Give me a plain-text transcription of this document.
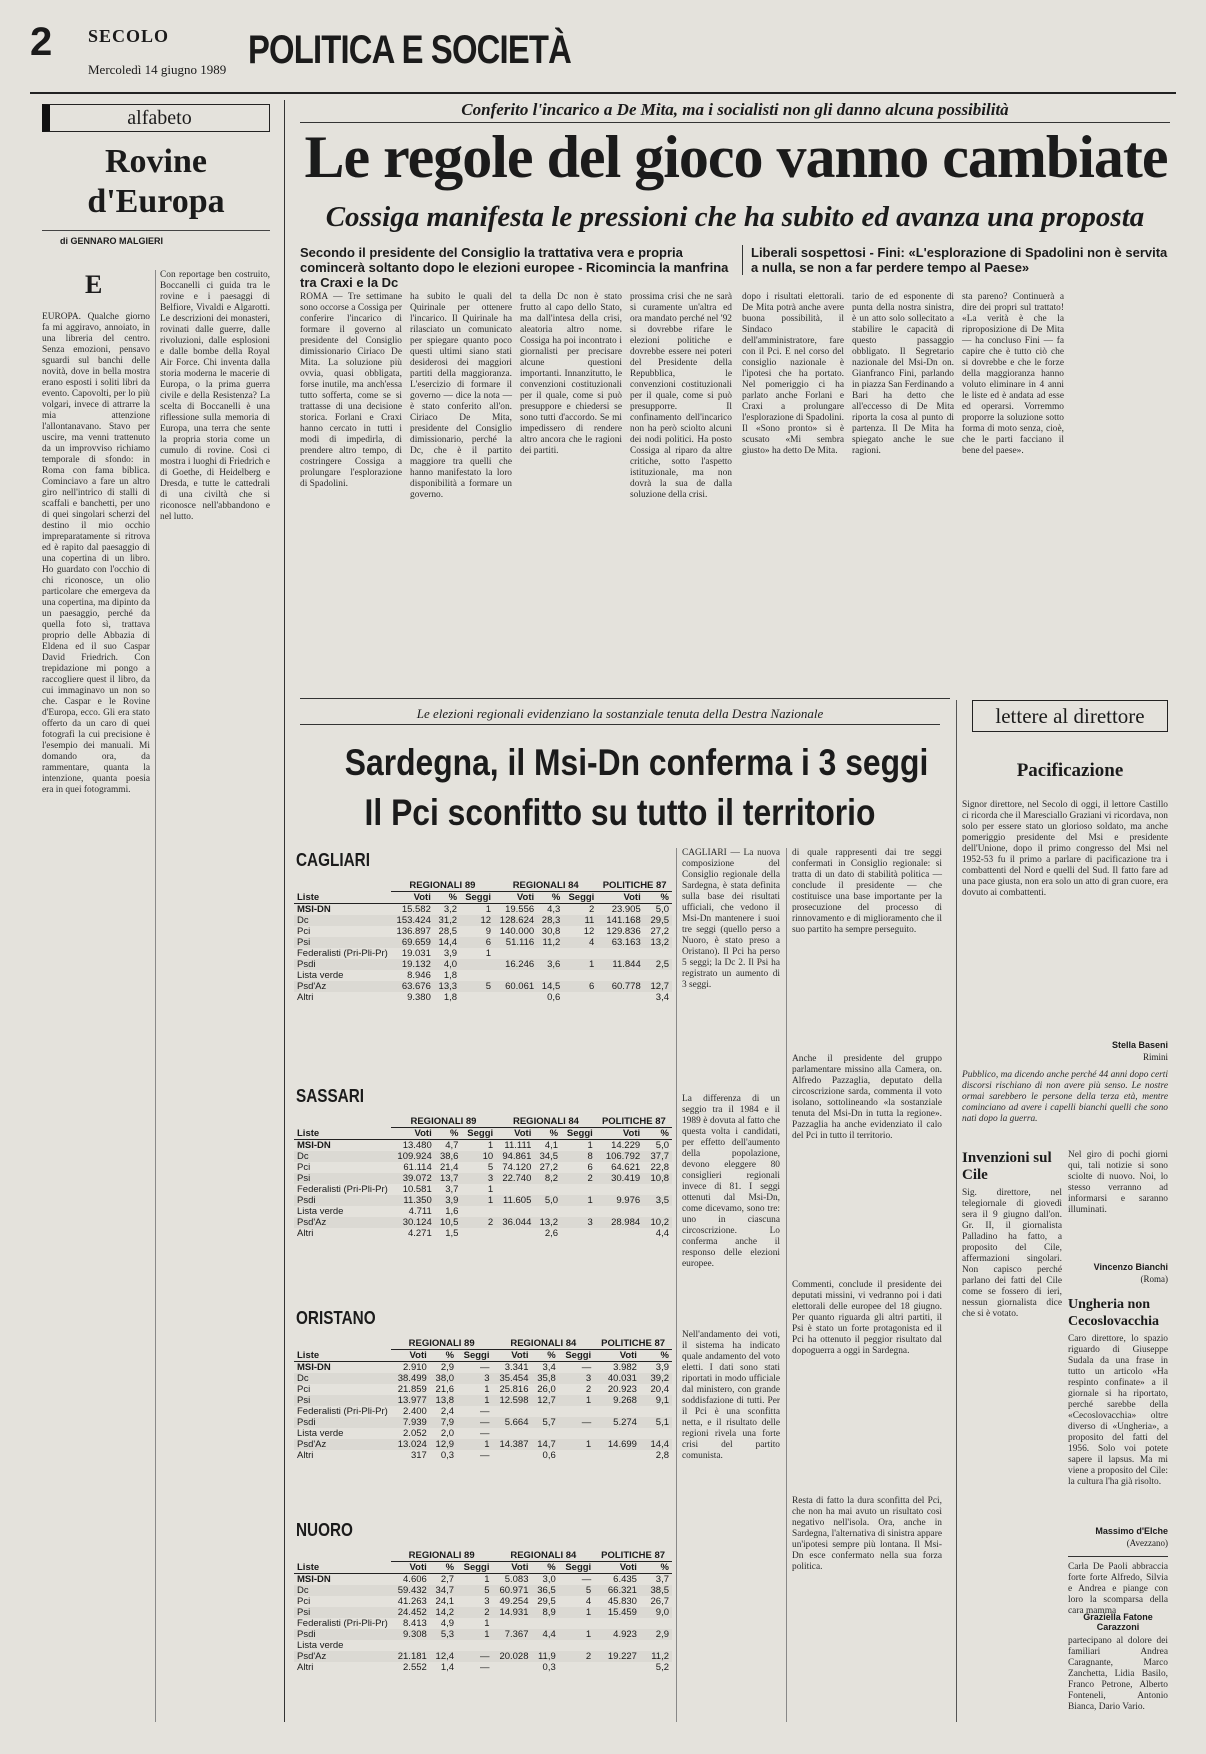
2 SECOLO
Mercoledì 14 giugno 1989 POLITICA E SOCIETÀ
alfabeto
Rovine
d'Europa
di GENNARO MALGIERI
E
EUROPA. Qualche giorno fa mi aggiravo, annoiato, in una libreria del centro. Senza emozioni, pensavo sguardi sul banchi delle novità, dove in bella mostra erano esposti i soliti libri da evento. Capovolti, per lo più volgari, invece di attrarre la mia attenzione l'allontanavano. Stavo per uscire, ma venni trattenuto da un improvviso richiamo temporale di sfondo: in Roma con fama biblica. Cominciavo a fare un altro giro nell'intrico di stalli di scaffali e banchetti, per uno di quei singolari scherzi del destino il mio occhio impreparatamente si ritrova ed è rapito dal paesaggio di una copertina di un libro. Ho guardato con l'occhio di chi riconosce, un olio particolare che emergeva da una copertina, ma dipinto da un paesaggio, perché da quella foto sì, trattava proprio delle Abbazia di Eldena ed il suo Caspar David Friedrich. Con trepidazione mi pongo a raccogliere quest il libro, da cui immaginavo un non so che. Caspar e le Rovine d'Europa, ecco. Gli era stato offerto da un caro di quei fotografi la cui precisione è l'esempio dei manuali. Mi domando ora, da rammentare, quanta la intenzione, quanta poesia era in quei fotogrammi.
Con reportage ben costruito, Boccanelli ci guida tra le rovine e i paesaggi di Belfiore, Vivaldi e Algarotti. Le descrizioni dei monasteri, rovinati dalle guerre, dalle rivoluzioni, dalle esplosioni e dalle bombe della Royal Air Force. Chi inventa dalla storia moderna le macerie di Europa, o la prima guerra civile e della Resistenza? La scelta di Boccanelli è una riflessione sulla memoria di Europa, una terra che sente la propria storia come un cumulo di rovine. Così ci mostra i luoghi di Friedrich e di Goethe, di Heidelberg e Dresda, e tutte le cattedrali di una civiltà che si riconosce nell'abbandono e nel lutto.
Conferito l'incarico a De Mita, ma i socialisti non gli danno alcuna possibilità
Le regole del gioco vanno cambiate
Cossiga manifesta le pressioni che ha subito ed avanza una proposta
Secondo il presidente del Consiglio la trattativa vera e propria comincerà soltanto dopo le elezioni europee - Ricomincia la manfrina tra Craxi e la Dc
Liberali sospettosi - Fini: «L'esplorazione di Spadolini non è servita a nulla, se non a far perdere tempo al Paese»
ROMA — Tre settimane sono occorse a Cossiga per conferire l'incarico di formare il governo al presidente del Consiglio dimissionario Ciriaco De Mita. La soluzione più ovvia, quasi obbligata, forse inutile, ma anch'essa tutto sofferta, come se si trattasse di una decisione storica. Forlani e Craxi hanno cercato in tutti i modi di impedirla, di prendere altro tempo, di costringere Cossiga a prolungare l'esplorazione di Spadolini.
ha subito le quali del Quirinale per ottenere l'incarico. Il Quirinale ha rilasciato un comunicato per spiegare quanto poco questi ultimi siano stati desiderosi dei maggiori partiti della maggioranza. L'esercizio di formare il governo — dice la nota — è stato conferito all'on. Ciriaco De Mita, presidente del Consiglio dimissionario, perché la Dc, che è il partito maggiore tra quelli che hanno manifestato la loro disponibilità a formare un governo.
ta della Dc non è stato frutto al capo dello Stato, ma dall'intesa della crisi, aleatoria altro nome. Cossiga ha poi incontrato i giornalisti per precisare alcune questioni importanti. Innanzitutto, le convenzioni costituzionali per il quale, come si può presuppore e chiedersi se sono tutti d'accordo. Se mi impedissero di rendere altro ancora che le ragioni dei partiti.
prossima crisi che ne sarà si curamente un'altra ed ora mandato perché nel '92 si dovrebbe rifare le elezioni politiche e dovrebbe essere nei poteri del Presidente della Repubblica, le convenzioni costituzionali per il quale, come si può presupporre. Il confinamento dell'incarico non ha però sciolto alcuni dei nodi politici. Ha posto Cossiga al riparo da altre critiche, sotto l'aspetto istituzionale, ma non dovrà la sua de dalla soluzione della crisi.
dopo i risultati elettorali. De Mita potrà anche avere buona possibilità, il Sindaco dell'amministratore, fare con il Pci. E nel corso del consiglio nazionale è l'ipotesi che ha portato. Nel pomeriggio ci ha parlato anche Forlani e Craxi a prolungare l'esplorazione di Spadolini. Il «Sono pronto» si è scusato «Mi sembra giusto» ha detto De Mita.
tario de ed esponente di punta della nostra sinistra, è un atto solo sollecitato a stabilire le capacità di questo passaggio obbligato. Il Segretario nazionale del Msi-Dn on. Gianfranco Fini, parlando in piazza San Ferdinando a Bari ha detto che all'eccesso di De Mita riporta la cosa al punto di partenza. Il De Mita ha spiegato anche le sue ragioni.
sta pareno? Continuerà a dire dei propri sul trattato! «La verità è che la riproposizione di De Mita — ha concluso Fini — fa capire che è tutto ciò che si dovrebbe e che le forze della maggioranza hanno voluto eliminare in 4 anni le liste ed è andata ad esse ed operarsi. Vorremmo proporre la soluzione sotto forma di moto senza, cioè, che le parti facciano il bene del paese».
lettere al direttore
Pacificazione
Signor direttore, nel Secolo di oggi, il lettore Castillo ci ricorda che il Maresciallo Graziani vi ricordava, non solo per essere stato un glorioso soldato, ma anche pomeriggio presidente del Msi e presidente dell'Unione, dopo il primo congresso del Msi nel 1952-53 fu il primo a parlare di pacificazione tra i combattenti del Nord e quelli del Sud. Il fatto fare ad una pace giusta, non era solo un atto di gran cuore, era dovuto ai combattenti.
Stella Baseni
Rimini
Pubblico, ma dicendo anche perché 44 anni dopo certi discorsi rischiano di non avere più senso. Le nostre ormai sarebbero le persone della terza età, mentre cominciano ad avere i capelli bianchi quelli che sono nati dopo la guerra.
Invenzioni sul Cile
Sig. direttore, nel telegiornale di giovedì sera il 9 giugno dall'on. Gr. II, il giornalista Palladino ha fatto, a proposito del Cile, affermazioni singolari. Non capisco perché parlano dei fatti del Cile come se fossero di ieri, nessun giornalista dice che si è votato.
Nel giro di pochi giorni qui, tali notizie si sono sciolte di nuovo. Noi, lo stesso verranno ad informarsi e saranno illuminati.
Vincenzo Bianchi
(Roma)
Ungheria non Cecoslovacchia
Caro direttore, lo spazio riguardo di Giuseppe Sudala da una frase in tutto un articolo «Ha respinto confinate» a il giornale si ha riportato, perché sarebbe della «Cecoslovacchia» oltre diverso di «Ungheria», a proposito del fatti del 1956. Solo voi potete sapere il lapsus. Ma mi viene a proposito del Cile: la cultura l'ha già risolto.
Massimo d'Elche
(Avezzano)
Carla De Paoli abbraccia forte forte Alfredo, Silvia e Andrea e piange con loro la scomparsa della cara mamma
Graziella Fatone Carazzoni
partecipano al dolore dei familiari Andrea Caragnante, Marco Zanchetta, Lidia Basilo, Franco Petrone, Alberto Fonteneli, Antonio Bianca, Dario Vario.
Le elezioni regionali evidenziano la sostanziale tenuta della Destra Nazionale
Sardegna, il Msi-Dn conferma i 3 seggi
Il Pci sconfitto su tutto il territorio
CAGLIARI
	REGIONALI 89			REGIONALI 84			POLITICHE 87	
Liste	Voti	%	Seggi	Voti	%	Seggi	Voti	%
MSI-DN	15.582	3,2	1	19.556	4,3	2	23.905	5,0
Dc	153.424	31,2	12	128.624	28,3	11	141.168	29,5
Pci	136.897	28,5	9	140.000	30,8	12	129.836	27,2
Psi	69.659	14,4	6	51.116	11,2	4	63.163	13,2
Federalisti (Pri-Pli-Pr)	19.031	3,9	1					
Psdi	19.132	4,0		16.246	3,6	1	11.844	2,5
Lista verde	8.946	1,8						
Psd'Az	63.676	13,3	5	60.061	14,5	6	60.778	12,7
Altri	9.380	1,8			0,6			3,4
SASSARI
	REGIONALI 89			REGIONALI 84			POLITICHE 87	
Liste	Voti	%	Seggi	Voti	%	Seggi	Voti	%
MSI-DN	13.480	4,7	1	11.111	4,1	1	14.229	5,0
Dc	109.924	38,6	10	94.861	34,5	8	106.792	37,7
Pci	61.114	21,4	5	74.120	27,2	6	64.621	22,8
Psi	39.072	13,7	3	22.740	8,2	2	30.419	10,8
Federalisti (Pri-Pli-Pr)	10.581	3,7	1					
Psdi	11.350	3,9	1	11.605	5,0	1	9.976	3,5
Lista verde	4.711	1,6						
Psd'Az	30.124	10,5	2	36.044	13,2	3	28.984	10,2
Altri	4.271	1,5			2,6			4,4
ORISTANO
	REGIONALI 89			REGIONALI 84			POLITICHE 87	
Liste	Voti	%	Seggi	Voti	%	Seggi	Voti	%
MSI-DN	2.910	2,9	—	3.341	3,4	—	3.982	3,9
Dc	38.499	38,0	3	35.454	35,8	3	40.031	39,2
Pci	21.859	21,6	1	25.816	26,0	2	20.923	20,4
Psi	13.977	13,8	1	12.598	12,7	1	9.268	9,1
Federalisti (Pri-Pli-Pr)	2.400	2,4	—					
Psdi	7.939	7,9	—	5.664	5,7	—	5.274	5,1
Lista verde	2.052	2,0	—					
Psd'Az	13.024	12,9	1	14.387	14,7	1	14.699	14,4
Altri	317	0,3	—		0,6			2,8
NUORO
	REGIONALI 89			REGIONALI 84			POLITICHE 87	
Liste	Voti	%	Seggi	Voti	%	Seggi	Voti	%
MSI-DN	4.606	2,7	1	5.083	3,0	—	6.435	3,7
Dc	59.432	34,7	5	60.971	36,5	5	66.321	38,5
Pci	41.263	24,1	3	49.254	29,5	4	45.830	26,7
Psi	24.452	14,2	2	14.931	8,9	1	15.459	9,0
Federalisti (Pri-Pli-Pr)	8.413	4,9	1					
Psdi	9.308	5,3	1	7.367	4,4	1	4.923	2,9
Lista verde								
Psd'Az	21.181	12,4	—	20.028	11,9	2	19.227	11,2
Altri	2.552	1,4	—		0,3			5,2
CAGLIARI — La nuova composizione del Consiglio regionale della Sardegna, è stata definita sulla base dei risultati ufficiali, che vedono il Msi-Dn mantenere i suoi tre seggi (quello perso a Nuoro, è stato preso a Oristano). Il Pci ha perso 5 seggi; la Dc 2. Il Psi ha registrato un aumento di 3 seggi.
La differenza di un seggio tra il 1984 e il 1989 è dovuta al fatto che questa volta i candidati, per effetto dell'aumento della popolazione, devono eleggere 80 consiglieri regionali invece di 81. I seggi ottenuti dal Msi-Dn, come dicevamo, sono tre: uno in ciascuna circoscrizione. Lo conferma anche il responso delle elezioni europee.
Nell'andamento dei voti, il sistema ha indicato quale andamento del voto eletti. I dati sono stati riportati in modo ufficiale dal ministero, con grande soddisfazione di tutti. Per il Pci è una sconfitta netta, e il risultato delle regioni rivela una forte crisi del partito comunista.
di quale rappresenti dai tre seggi confermati in Consiglio regionale: si tratta di un dato di stabilità politica — conclude il presidente — che costituisce una base importante per la prosecuzione del processo di rinnovamento e di miglioramento che il suo partito ha sempre perseguito.
Anche il presidente del gruppo parlamentare missino alla Camera, on. Alfredo Pazzaglia, deputato della circoscrizione sarda, commenta il voto isolano, sottolineando «la sostanziale tenuta del Msi-Dn in tutta la regione». Pazzaglia ha anche evidenziato il calo del Pci in tutto il territorio.
Commenti, conclude il presidente dei deputati missini, vi vedranno poi i dati elettorali delle europee del 18 giugno. Per quanto riguarda gli altri partiti, il Psi è stato un forte protagonista ed il Pci ha ottenuto il peggior risultato dal dopoguerra a oggi in Sardegna.
Resta di fatto la dura sconfitta del Pci, che non ha mai avuto un risultato così negativo nell'isola. Ora, anche in Sardegna, l'alternativa di sinistra appare un'ipotesi sempre più lontana. Il Msi-Dn esce confermato nella sua forza politica.
